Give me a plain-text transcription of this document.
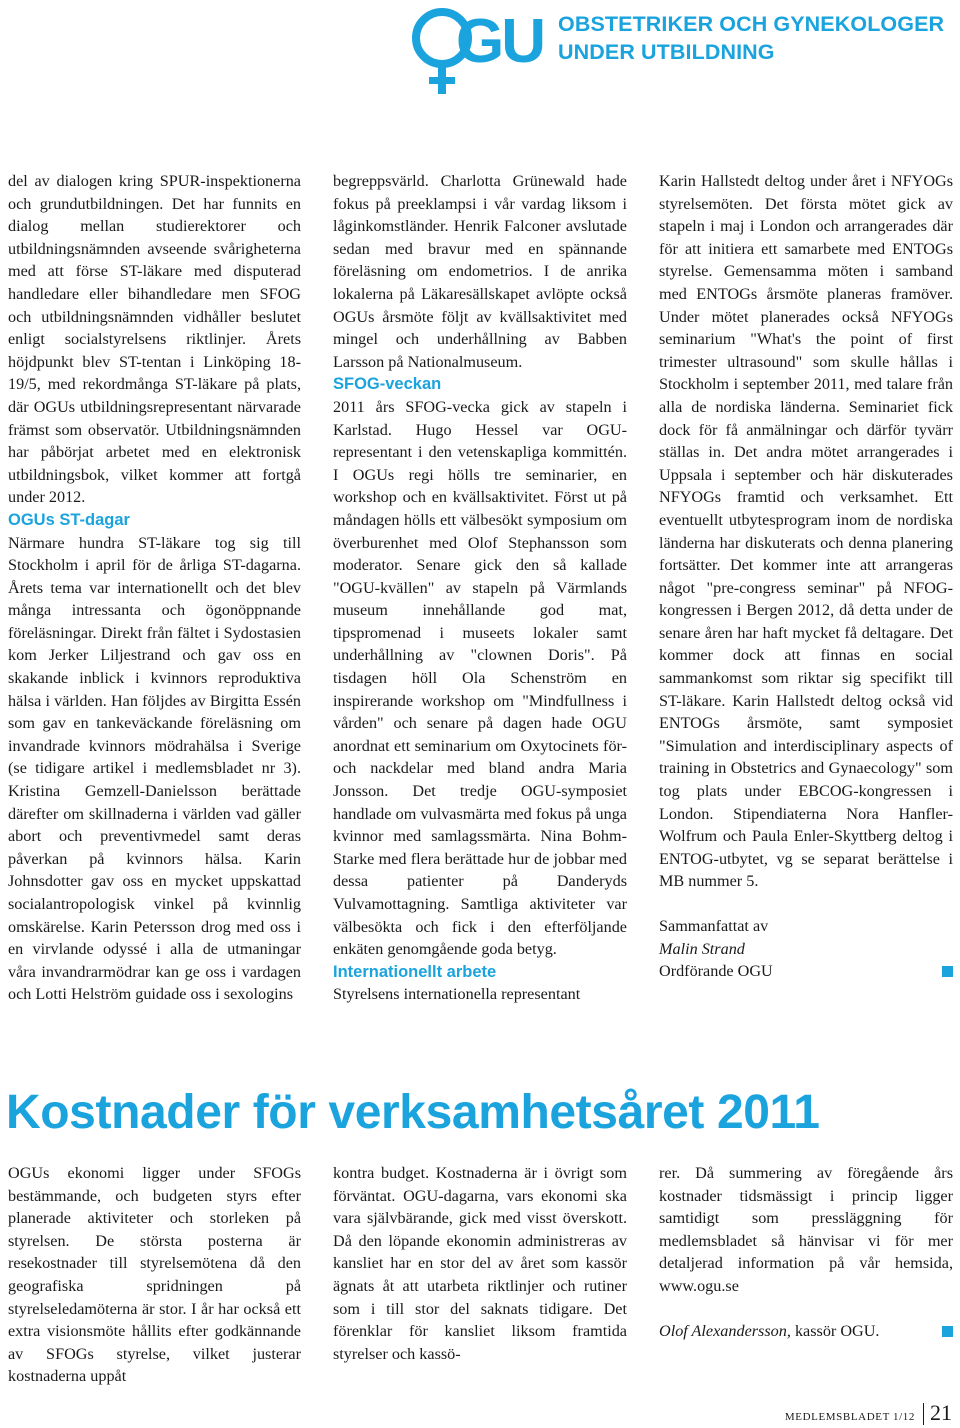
GU OBSTETRIKER OCH GYNEKOLOGER
UNDER UTBILDNING

del av dialogen kring SPUR-inspektionerna och grundutbildningen. Det har funnits en dialog mellan studierektorer och utbildningsnämnden avseende svårigheterna med att förse ST-läkare med disputerad handledare eller bihandledare men SFOG och utbildningsnämnden vidhåller beslutet enligt socialstyrelsens riktlinjer. Årets höjdpunkt blev ST-tentan i Linköping 18-19/5, med rekordmånga ST-läkare på plats, där OGUs utbildningsrepresentant närvarade främst som observatör. Utbildningsnämnden har påbörjat arbetet med en elektronisk utbildningsbok, vilket kommer att fortgå under 2012.

OGUs ST-dagar

Närmare hundra ST-läkare tog sig till Stockholm i april för de årliga ST-dagarna. Årets tema var internationellt och det blev många intressanta och ögonöppnande föreläsningar. Direkt från fältet i Sydostasien kom Jerker Liljestrand och gav oss en skakande inblick i kvinnors reproduktiva hälsa i världen. Han följdes av Birgitta Essén som gav en tankeväckande föreläsning om invandrade kvinnors mödrahälsa i Sverige (se tidigare artikel i medlemsbladet nr 3). Kristina Gemzell-Danielsson berättade därefter om skillnaderna i världen vad gäller abort och preventivmedel samt deras påverkan på kvinnors hälsa. Karin Johnsdotter gav oss en mycket uppskattad socialantropologisk vinkel på kvinnlig omskärelse. Karin Petersson drog med oss i en virvlande odyssé i alla de utmaningar våra invandrarmödrar kan ge oss i vardagen och Lotti Helström guidade oss i sexologins

begreppsvärld. Charlotta Grünewald hade fokus på preeklampsi i vår vardag liksom i låginkomstländer. Henrik Falconer avslutade sedan med bravur med en spännande föreläsning om endometrios. I de anrika lokalerna på Läkaresällskapet avlöpte också OGUs årsmöte följt av kvällsaktivitet med mingel och underhållning av Babben Larsson på Nationalmuseum.

SFOG-veckan

2011 års SFOG-vecka gick av stapeln i Karlstad. Hugo Hessel var OGU-representant i den vetenskapliga kommittén. I OGUs regi hölls tre seminarier, en workshop och en kvällsaktivitet. Först ut på måndagen hölls ett välbesökt symposium om överburenhet med Olof Stephansson som moderator. Senare gick den så kallade "OGU-kvällen" av stapeln på Värmlands museum innehållande god mat, tipspromenad i museets lokaler samt underhållning av "clownen Doris". På tisdagen höll Ola Schenström en inspirerande workshop om "Mindfullness i vården" och senare på dagen hade OGU anordnat ett seminarium om Oxytocinets för- och nackdelar med bland andra Maria Jonsson. Det tredje OGU-symposiet handlade om vulvasmärta med fokus på unga kvinnor med samlagssmärta. Nina Bohm-Starke med flera berättade hur de jobbar med dessa patienter på Danderyds Vulvamottagning. Samtliga aktiviteter var välbesökta och fick i den efterföljande enkäten genomgående goda betyg.

Internationellt arbete

Styrelsens internationella representant

Karin Hallstedt deltog under året i NFYOGs styrelsemöten. Det första mötet gick av stapeln i maj i London och arrangerades där för att initiera ett samarbete med ENTOGs styrelse. Gemensamma möten i samband med ENTOGs årsmöte planeras framöver. Under mötet planerades också NFYOGs seminarium "What's the point of first trimester ultrasound" som skulle hållas i Stockholm i september 2011, med talare från alla de nordiska länderna. Seminariet fick dock för få anmälningar och därför tyvärr ställas in. Det andra mötet arrangerades i Uppsala i september och här diskuterades NFYOGs framtid och verksamhet. Ett eventuellt utbytesprogram inom de nordiska länderna har diskuterats och denna planering fortsätter. Det kommer inte att arrangeras något "pre-congress seminar" på NFOG-kongressen i Bergen 2012, då detta under de senare åren har haft mycket få deltagare. Det kommer dock att finnas en social sammankomst som riktar sig specifikt till ST-läkare. Karin Hallstedt deltog också vid ENTOGs årsmöte, samt symposiet "Simulation and interdisciplinary aspects of training in Obstetrics and Gynaecology" som tog plats under EBCOG-kongressen i London. Stipendiaterna Nora Hanfler-Wolfrum och Paula Enler-Skyttberg deltog i ENTOG-utbytet, vg se separat berättelse i MB nummer 5.

Sammanfattat av

Malin Strand

Ordförande OGU

Kostnader för verksamhetsåret 2011

OGUs ekonomi ligger under SFOGs bestämmande, och budgeten styrs efter planerade aktiviteter och storleken på styrelsen. De största posterna är resekostnader till styrelsemötena då den geografiska spridningen på styrelseledamöterna är stor. I år har också ett extra visionsmöte hållits efter godkännande av SFOGs styrelse, vilket justerar kostnaderna uppåt

kontra budget. Kostnaderna är i övrigt som förväntat. OGU-dagarna, vars ekonomi ska vara självbärande, gick med visst överskott. Då den löpande ekonomin administreras av kansliet har en stor del av året som kassör ägnats åt att utarbeta riktlinjer och rutiner som i till stor del saknats tidigare. Det förenklar för kansliet liksom framtida styrelser och kassö-

rer. Då summering av föregående års kostnader tidsmässigt i princip ligger samtidigt som pressläggning för medlemsbladet så hänvisar vi för mer detaljerad information på vår hemsida, www.ogu.se

Olof Alexandersson, kassör OGU.

MEDLEMSBLADET 1/12 21
